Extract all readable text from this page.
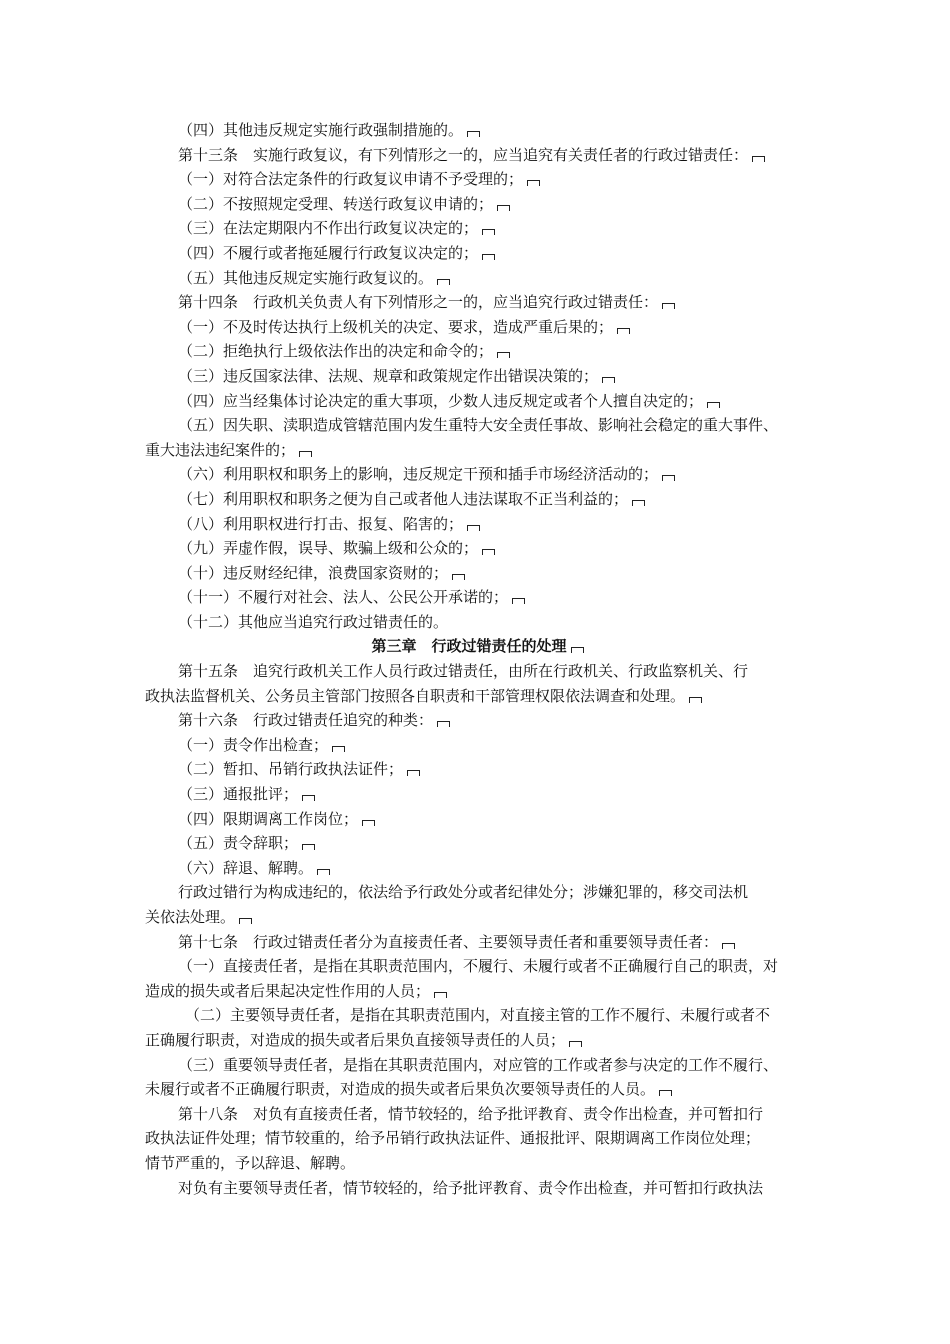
（四）其他违反规定实施行政强制措施的。
第十三条　实施行政复议，有下列情形之一的，应当追究有关责任者的行政过错责任：
（一）对符合法定条件的行政复议申请不予受理的；
（二）不按照规定受理、转送行政复议申请的；
（三）在法定期限内不作出行政复议决定的；
（四）不履行或者拖延履行行政复议决定的；
（五）其他违反规定实施行政复议的。
第十四条　行政机关负责人有下列情形之一的，应当追究行政过错责任：
（一）不及时传达执行上级机关的决定、要求，造成严重后果的；
（二）拒绝执行上级依法作出的决定和命令的；
（三）违反国家法律、法规、规章和政策规定作出错误决策的；
（四）应当经集体讨论决定的重大事项，少数人违反规定或者个人擅自决定的；
（五）因失职、渎职造成管辖范围内发生重特大安全责任事故、影响社会稳定的重大事件、
重大违法违纪案件的；
（六）利用职权和职务上的影响，违反规定干预和插手市场经济活动的；
（七）利用职权和职务之便为自己或者他人违法谋取不正当利益的；
（八）利用职权进行打击、报复、陷害的；
（九）弄虚作假，误导、欺骗上级和公众的；
（十）违反财经纪律，浪费国家资财的；
（十一）不履行对社会、法人、公民公开承诺的；
（十二）其他应当追究行政过错责任的。
第三章　行政过错责任的处理
第十五条　追究行政机关工作人员行政过错责任，由所在行政机关、行政监察机关、行
政执法监督机关、公务员主管部门按照各自职责和干部管理权限依法调查和处理。
第十六条　行政过错责任追究的种类：
（一）责令作出检查；
（二）暂扣、吊销行政执法证件；
（三）通报批评；
（四）限期调离工作岗位；
（五）责令辞职；
（六）辞退、解聘。
行政过错行为构成违纪的，依法给予行政处分或者纪律处分；涉嫌犯罪的，移交司法机
关依法处理。
第十七条　行政过错责任者分为直接责任者、主要领导责任者和重要领导责任者：
（一）直接责任者，是指在其职责范围内，不履行、未履行或者不正确履行自己的职责，对
造成的损失或者后果起决定性作用的人员；
（二）主要领导责任者，是指在其职责范围内，对直接主管的工作不履行、未履行或者不
正确履行职责，对造成的损失或者后果负直接领导责任的人员；
（三）重要领导责任者，是指在其职责范围内，对应管的工作或者参与决定的工作不履行、
未履行或者不正确履行职责，对造成的损失或者后果负次要领导责任的人员。
第十八条　对负有直接责任者，情节较轻的，给予批评教育、责令作出检查，并可暂扣行
政执法证件处理；情节较重的，给予吊销行政执法证件、通报批评、限期调离工作岗位处理；
情节严重的，予以辞退、解聘。
对负有主要领导责任者，情节较轻的，给予批评教育、责令作出检查，并可暂扣行政执法
